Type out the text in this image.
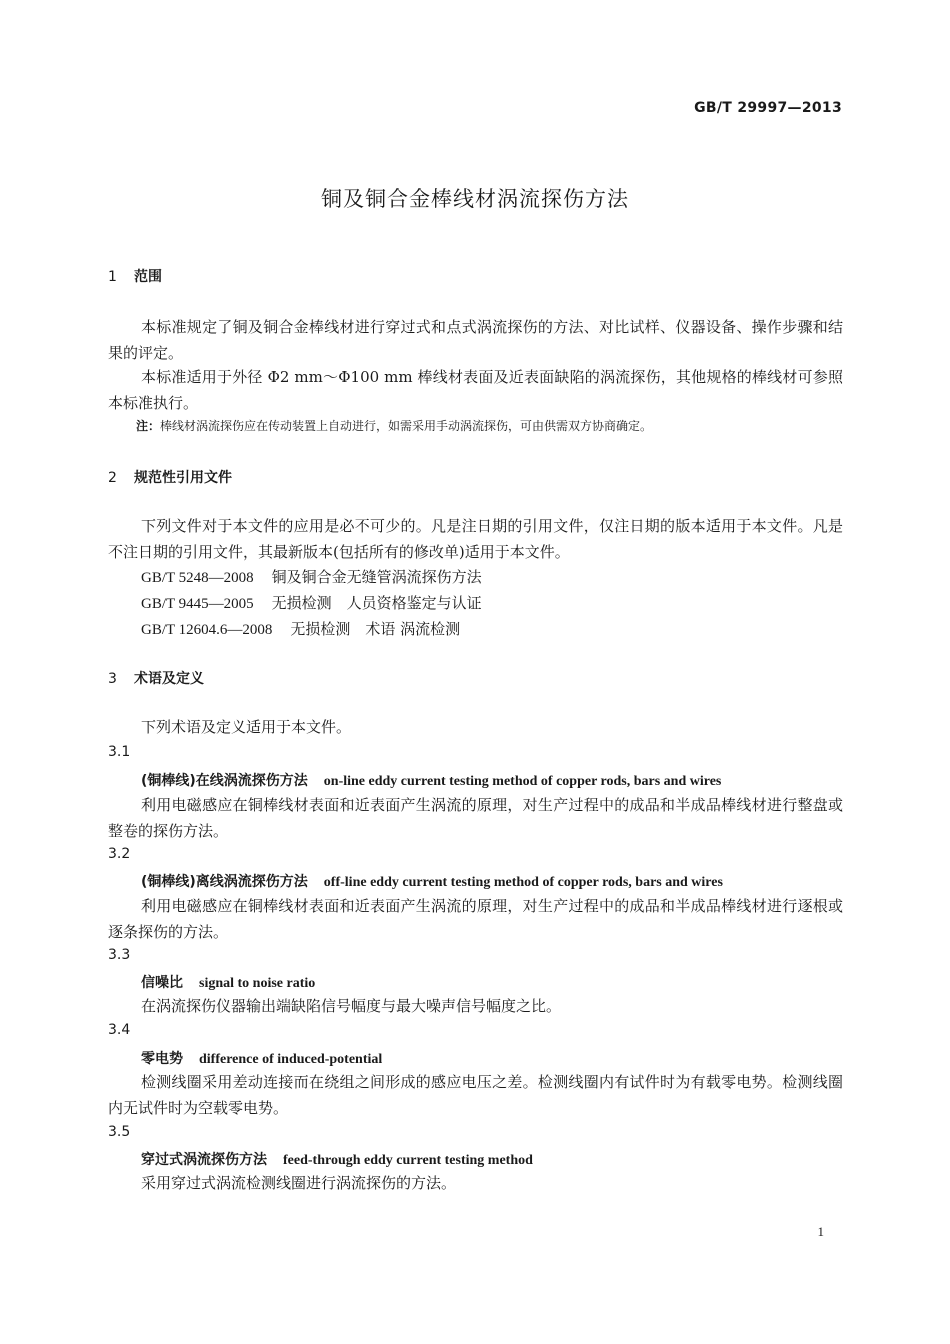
GB/T 29997—2013
铜及铜合金棒线材涡流探伤方法
1 范围

本标准规定了铜及铜合金棒线材进行穿过式和点式涡流探伤的方法、对比试样、仪器设备、操作步骤和结果的评定。

本标准适用于外径 Φ2 mm～Φ100 mm 棒线材表面及近表面缺陷的涡流探伤，其他规格的棒线材可参照本标准执行。

注：棒线材涡流探伤应在传动装置上自动进行，如需采用手动涡流探伤，可由供需双方协商确定。
2 规范性引用文件

下列文件对于本文件的应用是必不可少的。凡是注日期的引用文件，仅注日期的版本适用于本文件。凡是不注日期的引用文件，其最新版本(包括所有的修改单)适用于本文件。

GB/T 5248—2008 铜及铜合金无缝管涡流探伤方法
GB/T 9445—2005 无损检测　人员资格鉴定与认证
GB/T 12604.6—2008 无损检测　术语 涡流检测
3 术语及定义

下列术语及定义适用于本文件。

3.1
(铜棒线)在线涡流探伤方法 on-line eddy current testing method of copper rods, bars and wires

利用电磁感应在铜棒线材表面和近表面产生涡流的原理，对生产过程中的成品和半成品棒线材进行整盘或整卷的探伤方法。

3.2
(铜棒线)离线涡流探伤方法 off-line eddy current testing method of copper rods, bars and wires

利用电磁感应在铜棒线材表面和近表面产生涡流的原理，对生产过程中的成品和半成品棒线材进行逐根或逐条探伤的方法。

3.3
信噪比 signal to noise ratio

在涡流探伤仪器输出端缺陷信号幅度与最大噪声信号幅度之比。

3.4
零电势 difference of induced-potential

检测线圈采用差动连接而在绕组之间形成的感应电压之差。检测线圈内有试件时为有载零电势。检测线圈内无试件时为空载零电势。

3.5
穿过式涡流探伤方法 feed-through eddy current testing method

采用穿过式涡流检测线圈进行涡流探伤的方法。

1
